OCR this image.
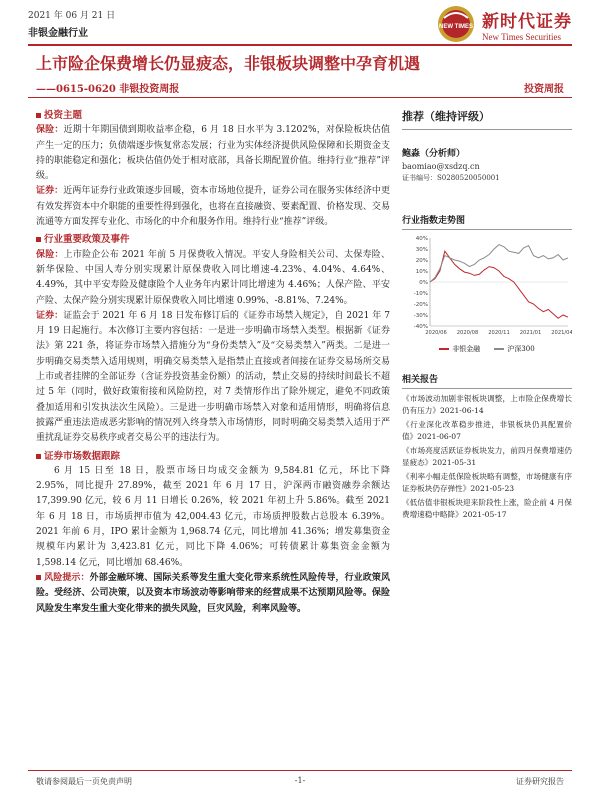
2021 年 06 月 21 日
非银金融行业
NEW TIMES 新时代证券
New Times Securities
上市险企保费增长仍显疲态，非银板块调整中孕育机遇
——0615-0620 非银投资周报	投资周报
投资主题
保险：近期十年期国债到期收益率企稳，6 月 18 日水平为 3.1202%，对保险板块估值产生一定的压力；负债端逐步恢复常态发展；行业为实体经济提供风险保障和长期资金支持的职能稳定和强化；板块估值仍处于相对底部，具备长期配置价值。维持行业“推荐”评级。
证券：近两年证券行业政策逐步回暖，资本市场地位提升，证券公司在服务实体经济中更有效发挥资本中介职能的重要性得到强化，也将在直接融资、要素配置、价格发现、交易流通等方面发挥专业化、市场化的中介和服务作用。维持行业“推荐”评级。
行业重要政策及事件
保险：上市险企公布 2021 年前 5 月保费收入情况。平安人身险相关公司、太保寿险、新华保险、中国人寿分别实现累计原保费收入同比增速-4.23%、4.04%、4.64%、4.49%，其中平安寿险及健康险个人业务年内累计同比增速为 4.46%；人保产险、平安产险、太保产险分别实现累计原保费收入同比增速 0.99%、-8.81%、7.24%。
证券：证监会于 2021 年 6 月 18 日发布修订后的《证券市场禁入规定》，自 2021 年 7 月 19 日起施行。本次修订主要内容包括：一是进一步明确市场禁入类型。根据新《证券法》第 221 条，将证券市场禁入措施分为“身份类禁入”及“交易类禁入”两类。二是进一步明确交易类禁入适用规则，明确交易类禁入是指禁止直接或者间接在证券交易场所交易上市或者挂牌的全部证券（含证券投资基金份额）的活动，禁止交易的持续时间最长不超过 5 年（同时，做好政策衔接和风险防控，对 7 类情形作出了除外规定，避免不同政策叠加适用和引发执法次生风险）。三是进一步明确市场禁入对象和适用情形，明确将信息披露严重违法造成恶劣影响的情况列入终身禁入市场情形，同时明确交易类禁入适用于严重扰乱证券交易秩序或者交易公平的违法行为。
证券市场数据跟踪
6 月 15 日至 18 日，股票市场日均成交金额为 9,584.81 亿元，环比下降 2.95%，同比提升 27.89%，截至 2021 年 6 月 17 日，沪深两市融资融券余额达 17,399.90 亿元，较 6 月 11 日增长 0.26%，较 2021 年初上升 5.86%。截至 2021 年 6 月 18 日，市场质押市值为 42,004.43 亿元，市场质押股数占总股本 6.39%。2021 年前 6 月，IPO 累计金额为 1,968.74 亿元，同比增加 41.36%；增发募集资金规模年内累计为 3,423.81 亿元，同比下降 4.06%；可转债累计募集资金金额为 1,598.14 亿元，同比增加 68.46%。
风险提示：外部金融环境、国际关系等发生重大变化带来系统性风险传导，行业政策风险。受经济、公司决策，以及资本市场波动等影响带来的经营成果不达预期风险等。保险风险发生率发生重大变化带来的损失风险，巨灾风险，利率风险等。
推荐（维持评级）
鲍淼（分析师）
baomiao@xsdzq.cn
证书编号：S0280520050001
行业指数走势图
40%
30%
20%
10%
0%
-10%
-20%
-30%
-40%
2020/06 2020/08 2020/11 2021/01 2021/04
非银金融	沪深300
相关报告
《市场波动加剧非银板块调整，上市险企保费增长仍有压力》2021-06-14
《行业深化改革稳步推进，非银板块仍具配置价值》2021-06-07
《市场亮度活跃证券板块发力，前四月保费增速仍显疲态》2021-05-31
《利率小幅走低保险板块略有调整，市场健康有序证券板块仍存弹性》2021-05-23
《低估值非银板块迎来阶段性上涨，险企前 4 月保费增速稳中略降》2021-05-17
敬请参阅最后一页免责声明	-1-	证券研究报告
